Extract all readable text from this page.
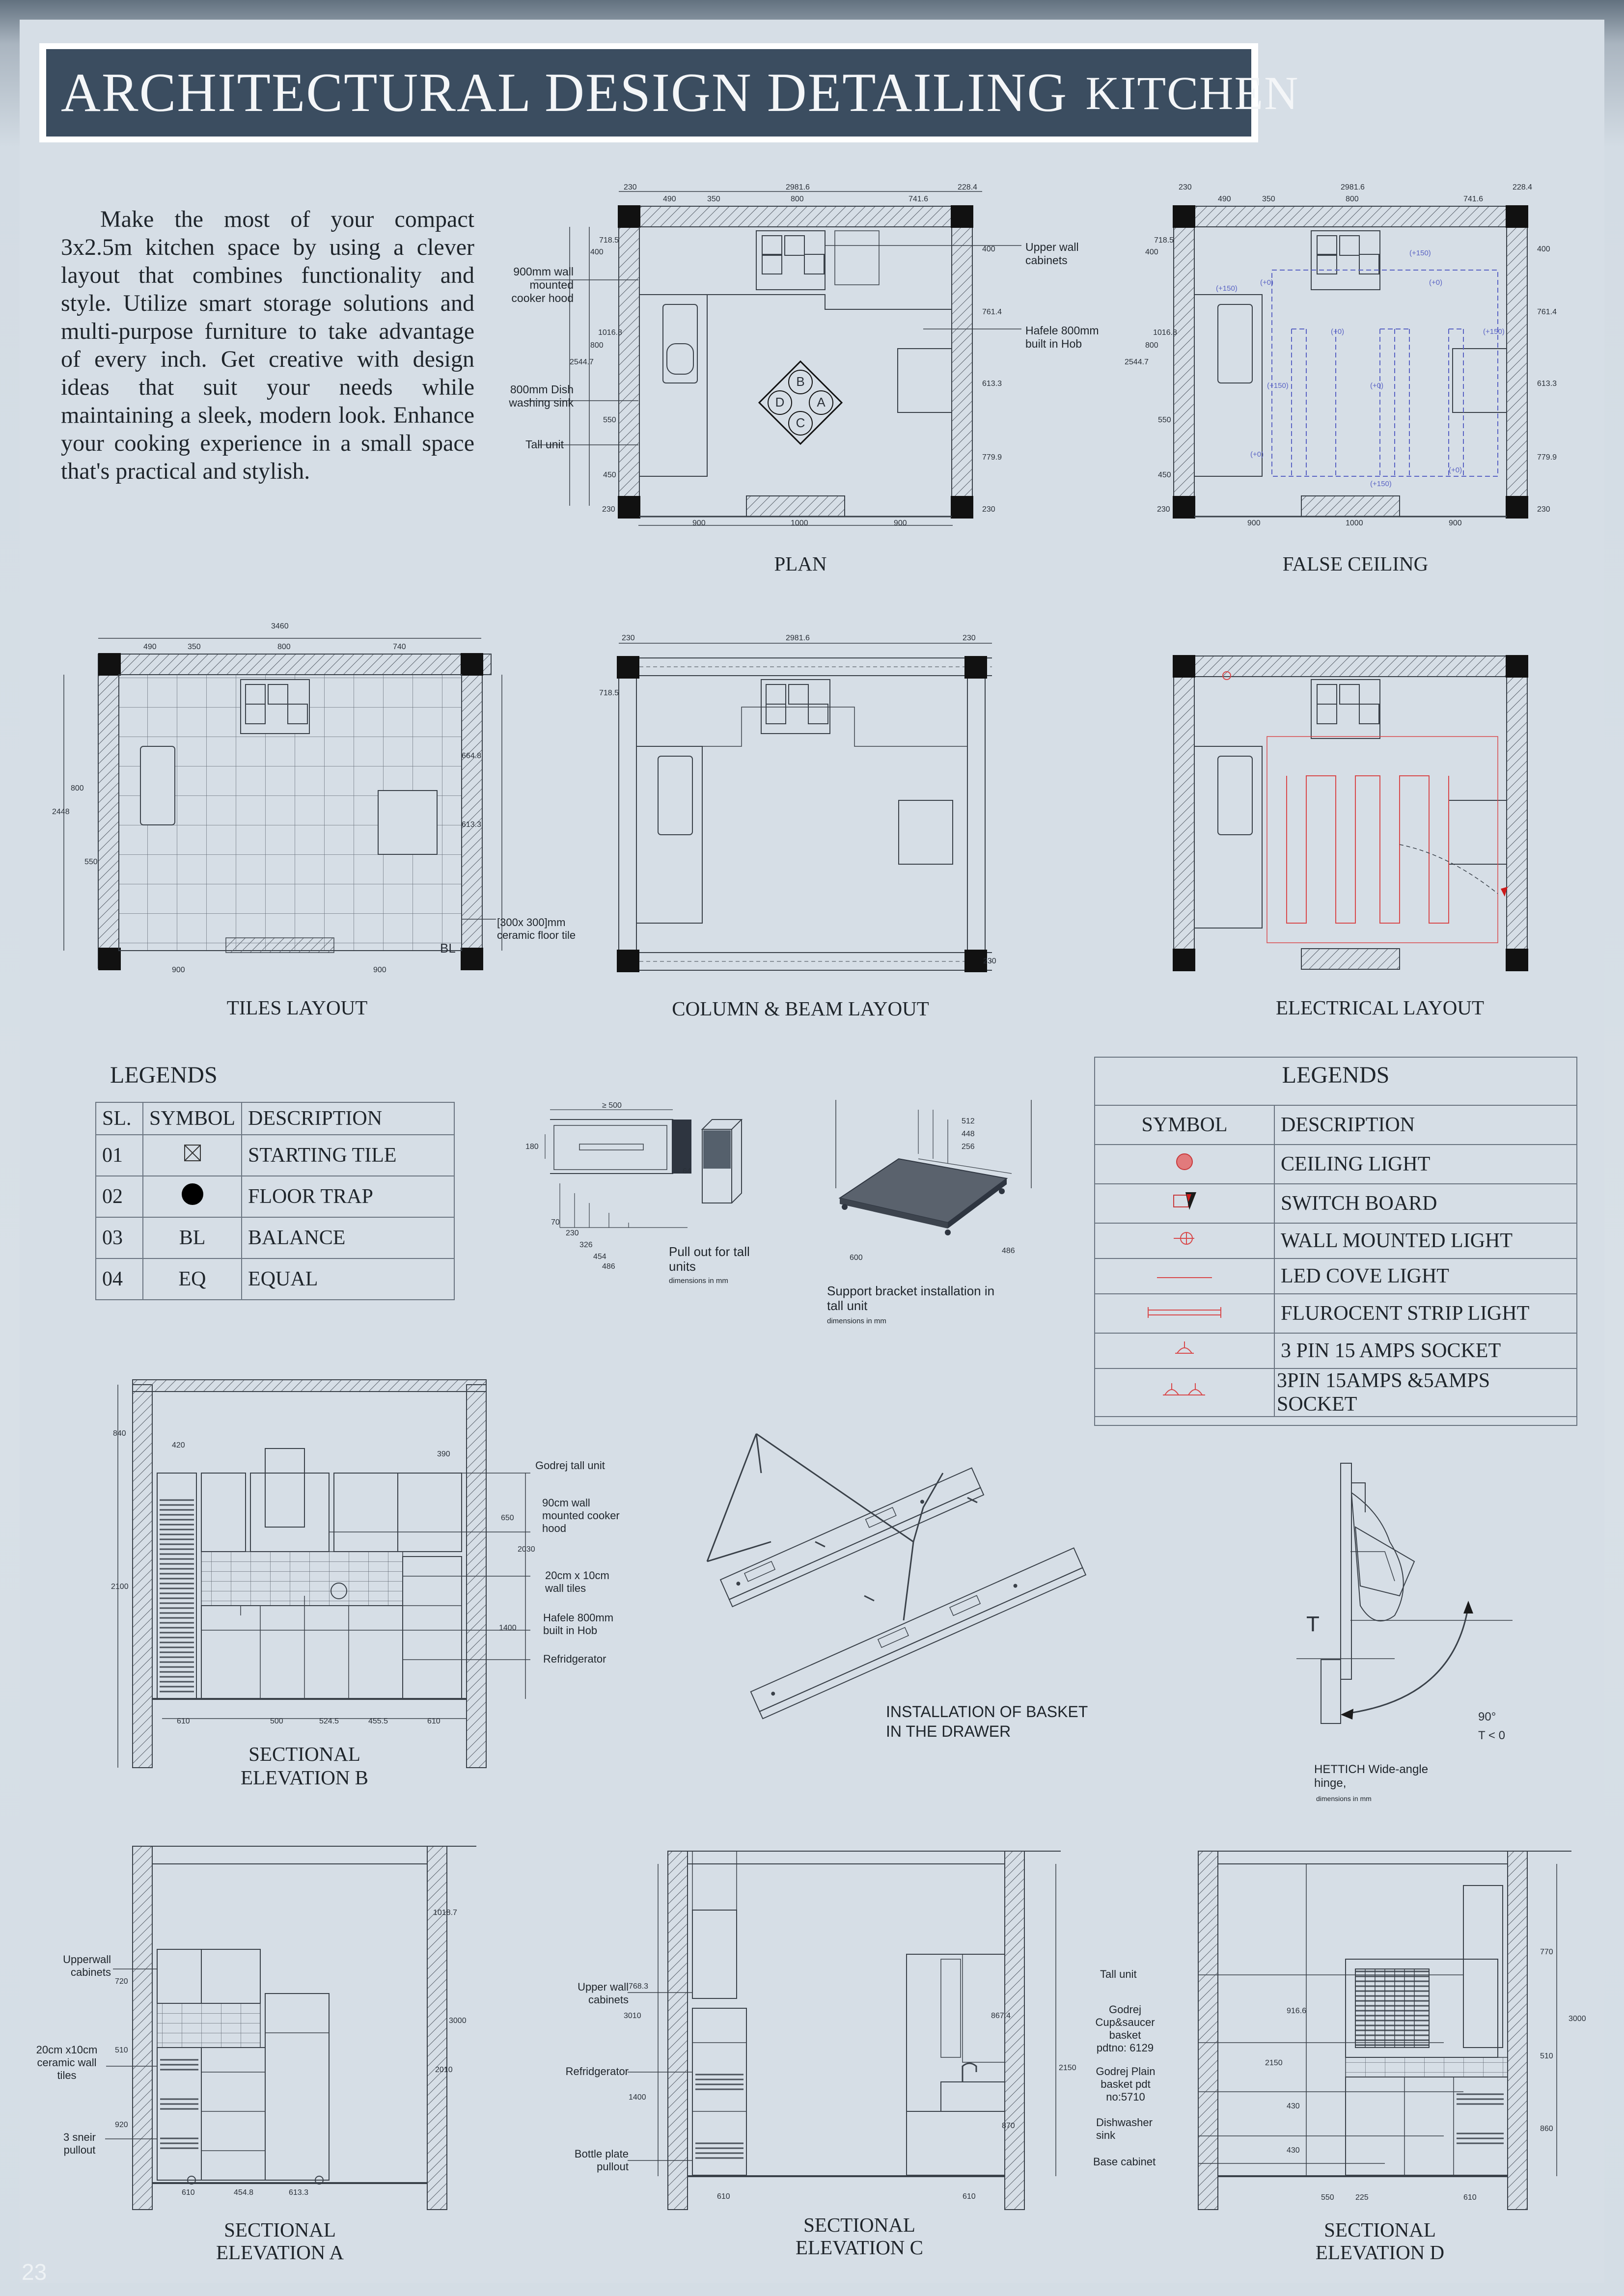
ARCHITECTURAL DESIGN DETAILING KITCHEN
Make the most of your compact 3x2.5m kitchen space by using a clever layout that combines functionality and style. Utilize smart storage solutions and multi-purpose furniture to take advantage of every inch. Get creative with design ideas that suit your needs while maintaining a sleek, modern look. Enhance your cooking experience in a small space that's practical and stylish.
B
A
C
D
230
490	350	800
2981.6
741.6
228.4
718.5
400
1016.8
800
2544.7
550
450
230
400
761.4
613.3
779.9
230
900	1000	900
900mm wall mounted cooker hood
800mm Dish washing sink
Tall unit
Upper wall cabinets
Hafele 800mm built in Hob
PLAN
(+150)
(+0)
(+150)
(+0)
(+150)
(+0)
(+150)	(+0)
(+0)
(+150)
(+0)
230
490	350	800
2981.6
741.6
228.4
718.5
400
1016.8
800
2544.7
550
450
230
400
761.4
613.3
779.9
230
900	1000	900
FALSE CEILING
3460
490	350	800	740
800
2448
550
664.8
613.3
900	900
BL
[300x 300]mm ceramic floor tile
TILES LAYOUT
230	2981.6	230
718.5
230
COLUMN & BEAM LAYOUT	ELECTRICAL LAYOUT
LEGENDS
SL.	SYMBOL	DESCRIPTION
01		STARTING TILE
02		FLOOR TRAP
03	BL	BALANCE
04	EQ	EQUAL
≥ 500
180
64
70
230
326
454
486
Pull out for tall units
dimensions in mm
512
448
256
600
486
Support bracket installation in tall unit
dimensions in mm
LEGENDS
SYMBOL	DESCRIPTION
	CEILING LIGHT
	SWITCH BOARD
	WALL MOUNTED LIGHT
	LED COVE LIGHT
	FLUROCENT STRIP LIGHT
	3 PIN 15 AMPS SOCKET
	3PIN 15AMPS &5AMPS SOCKET
840
420
390
650
2030
2100
1400
610	500	524.5	455.5	610
Godrej tall unit
90cm wall mounted cooker hood
20cm x 10cm wall tiles
Hafele 800mm built in Hob
Refridgerator
SECTIONAL
ELEVATION B
INSTALLATION OF BASKET IN THE DRAWER
T
90°
T < 0
HETTICH Wide-angle hinge,
dimensions in mm
1018.7
720
510
920
3000
2010
610	454.8	613.3
Upperwall cabinets
20cm x10cm ceramic wall tiles
3 sneir pullout
SECTIONAL
ELEVATION A
768.3
3010
1400
867.4
2150
870
610	610
Upper wall cabinets
Refridgerator
Bottle plate pullout
SECTIONAL
ELEVATION C
916.6
2150
430
430
770
510
860
3000
550	225	610
Tall unit
Godrej Cup&saucer basket pdtno: 6129
Godrej Plain basket pdt no:5710
Dishwasher sink
Base cabinet
SECTIONAL
ELEVATION D
23
